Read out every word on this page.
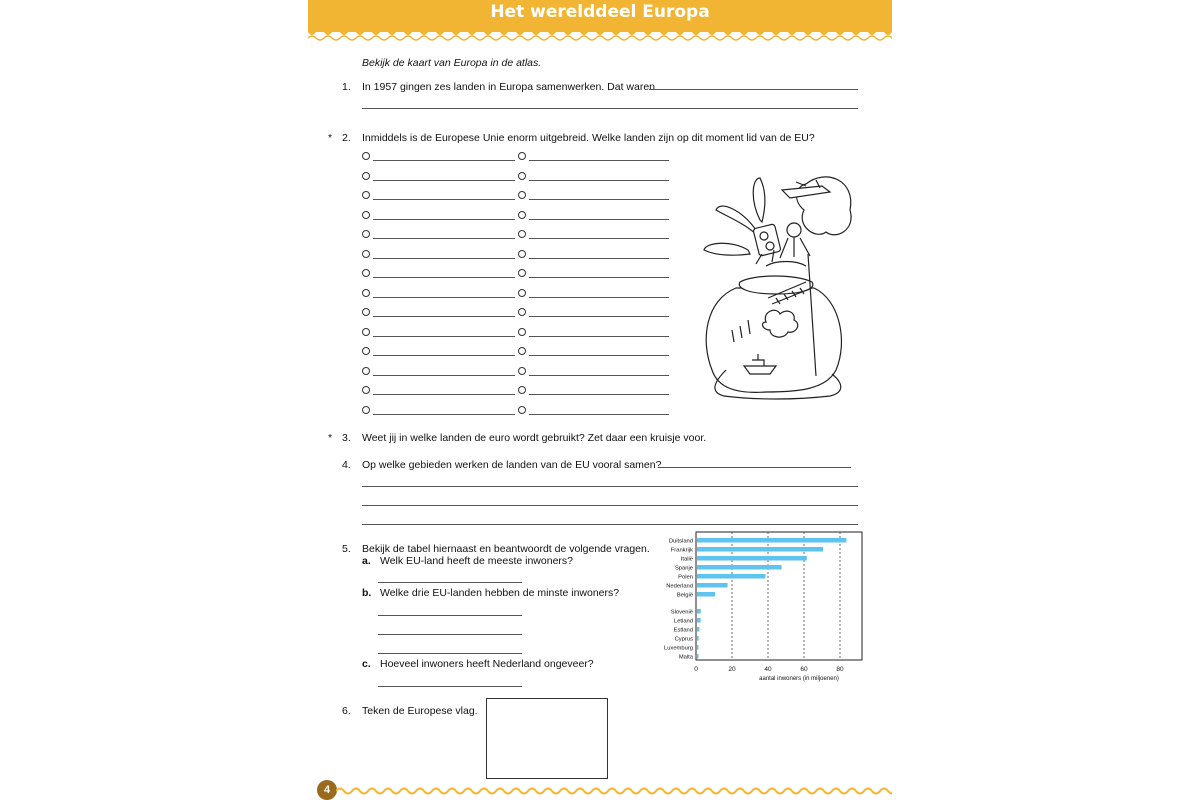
Het werelddeel Europa
Bekijk de kaart van Europa in de atlas.
1. In 1957 gingen zes landen in Europa samenwerken. Dat waren
* 2. Inmiddels is de Europese Unie enorm uitgebreid. Welke landen zijn op dit moment lid van de EU?
* 3. Weet jij in welke landen de euro wordt gebruikt? Zet daar een kruisje voor.
4. Op welke gebieden werken de landen van de EU vooral samen?
5. Bekijk de tabel hiernaast en beantwoordt de volgende vragen.
a. Welk EU-land heeft de meeste inwoners?
b. Welke drie EU-landen hebben de minste inwoners?
c. Hoeveel inwoners heeft Nederland ongeveer?	0	20	40	60	80
aantal inwoners (in miljoenen)
Duitsland
Frankrijk
Italië
Spanje
Polen
Nederland
België
Slovenië
Letland
Estland
Cyprus
Luxemburg
Malta
6. Teken de Europese vlag.
4
